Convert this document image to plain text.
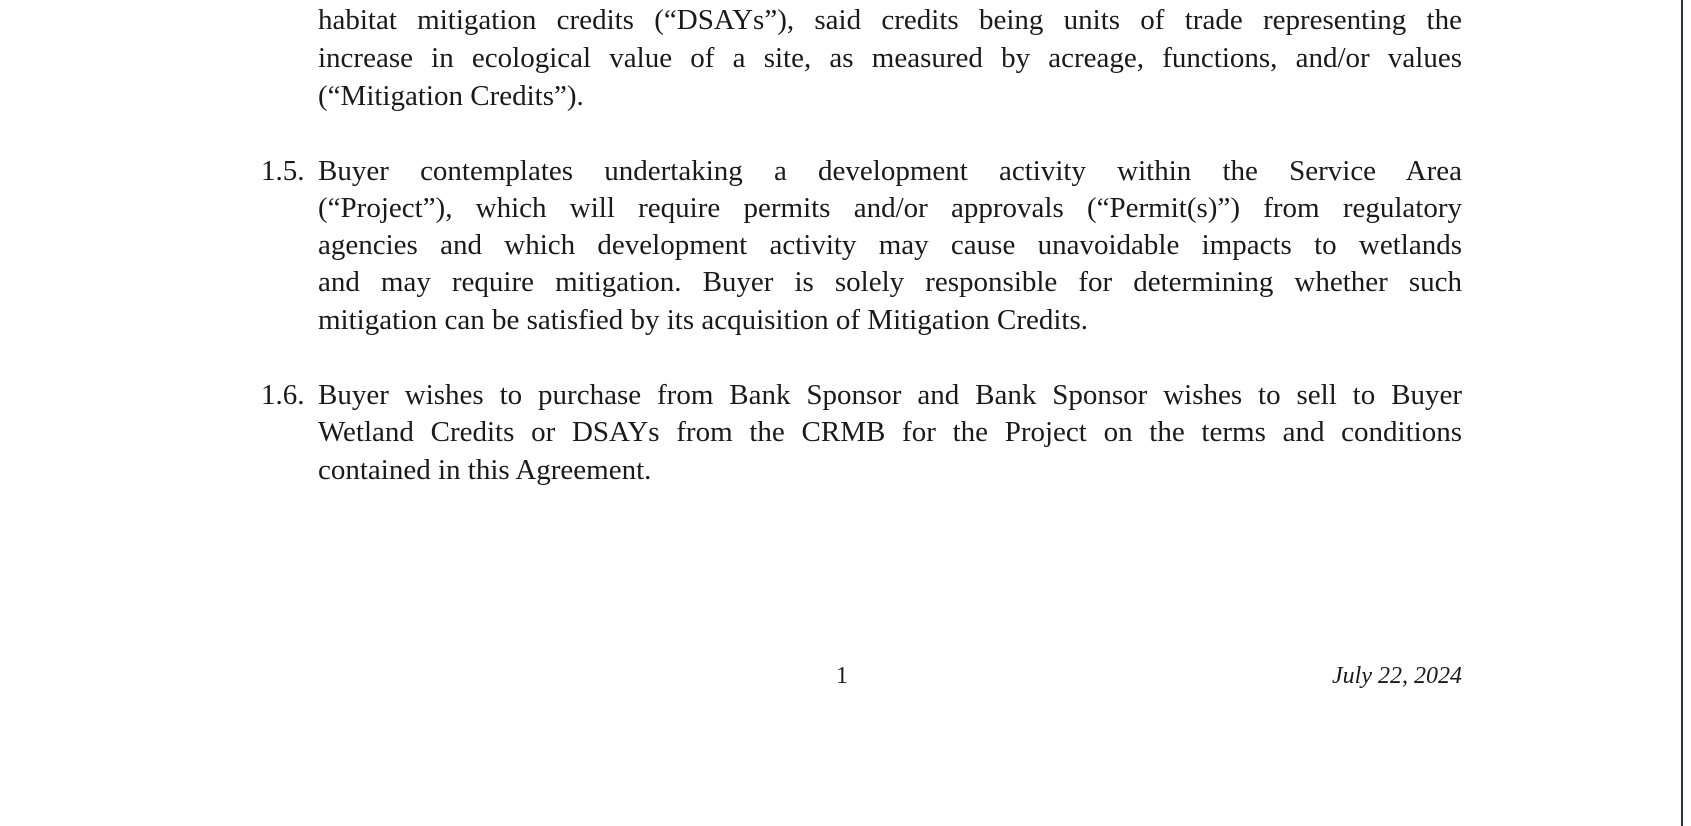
habitat mitigation credits (“DSAYs”), said credits being units of trade representing the
increase in ecological value of a site, as measured by acreage, functions, and/or values
(“Mitigation Credits”).
1.5. Buyer contemplates undertaking a development activity within the Service Area
(“Project”), which will require permits and/or approvals (“Permit(s)”) from regulatory
agencies and which development activity may cause unavoidable impacts to wetlands
and may require mitigation. Buyer is solely responsible for determining whether such
mitigation can be satisfied by its acquisition of Mitigation Credits.
1.6. Buyer wishes to purchase from Bank Sponsor and Bank Sponsor wishes to sell to Buyer
Wetland Credits or DSAYs from the CRMB for the Project on the terms and conditions
contained in this Agreement.
1	July 22, 2024
